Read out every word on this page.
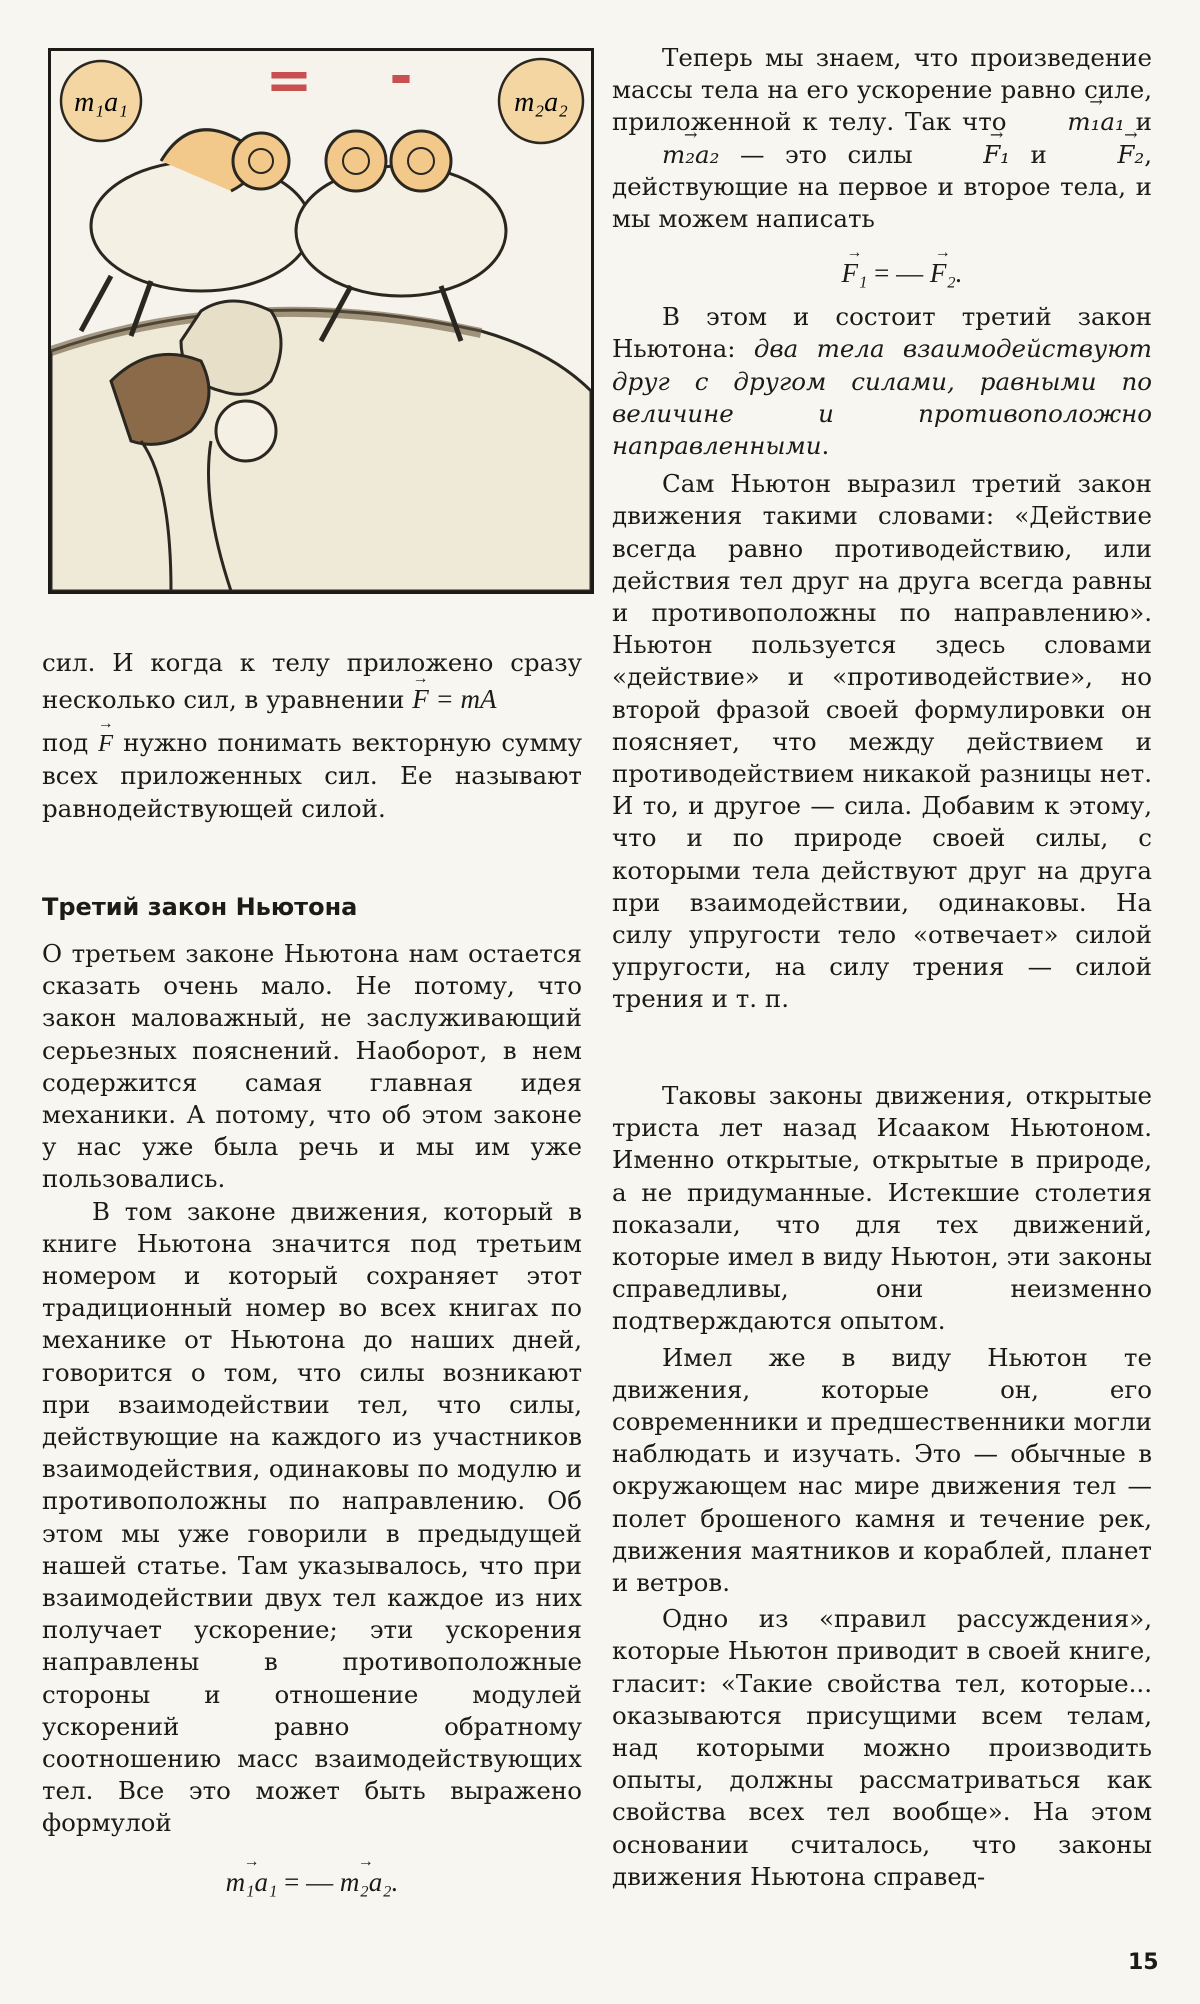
m₁a₁	m₂a₂
= -

сил. И когда к телу приложено сразу несколько сил, в уравнении → F = mA

под → F нужно понимать векторную сумму всех приложенных сил. Ее называют равнодействующей силой.

Третий закон Ньютона

О третьем законе Ньютона нам остается сказать очень мало. Не потому, что закон маловажный, не заслуживающий серьезных пояснений. Наоборот, в нем содержится самая главная идея механики. А потому, что об этом законе у нас уже была речь и мы им уже пользовались.

В том законе движения, который в книге Ньютона значится под третьим номером и который сохраняет этот традиционный номер во всех книгах по механике от Ньютона до наших дней, говорится о том, что силы возникают при взаимодействии тел, что силы, действующие на каждого из участников взаимодействия, одинаковы по модулю и противоположны по направлению. Об этом мы уже говорили в предыдущей нашей статье. Там указывалось, что при взаимодействии двух тел каждое из них получает ускорение; эти ускорения направлены в противоположные стороны и отношение модулей ускорений равно обратному соотношению масс взаимодействующих тел. Все это может быть выражено формулой

→ m₁a₁ = — → m₂a₂.

Теперь мы знаем, что произведение массы тела на его ускорение равно силе, приложенной к телу. Так что → m₁a₁ и → m₂a₂ — это силы → F₁ и → F₂, действующие на первое и второе тела, и мы можем написать

→ F₁ = — → F₂.

В этом и состоит третий закон Ньютона: два тела взаимодействуют друг с другом силами, равными по величине и противоположно направленными.

Сам Ньютон выразил третий закон движения такими словами: «Действие всегда равно противодействию, или действия тел друг на друга всегда равны и противоположны по направлению». Ньютон пользуется здесь словами «действие» и «противодействие», но второй фразой своей формулировки он поясняет, что между действием и противодействием никакой разницы нет. И то, и другое — сила. Добавим к этому, что и по природе своей силы, с которыми тела действуют друг на друга при взаимодействии, одинаковы. На силу упругости тело «отвечает» силой упругости, на силу трения — силой трения и т. п.

Таковы законы движения, открытые триста лет назад Исааком Ньютоном. Именно открытые, открытые в природе, а не придуманные. Истекшие столетия показали, что для тех движений, которые имел в виду Ньютон, эти законы справедливы, они неизменно подтверждаются опытом.

Имел же в виду Ньютон те движения, которые он, его современники и предшественники могли наблюдать и изучать. Это — обычные в окружающем нас мире движения тел — полет брошеного камня и течение рек, движения маятников и кораблей, планет и ветров.

Одно из «правил рассуждения», которые Ньютон приводит в своей книге, гласит: «Такие свойства тел, которые... оказываются присущими всем телам, над которыми можно производить опыты, должны рассматриваться как свойства всех тел вообще». На этом основании считалось, что законы движения Ньютона справед-

15
